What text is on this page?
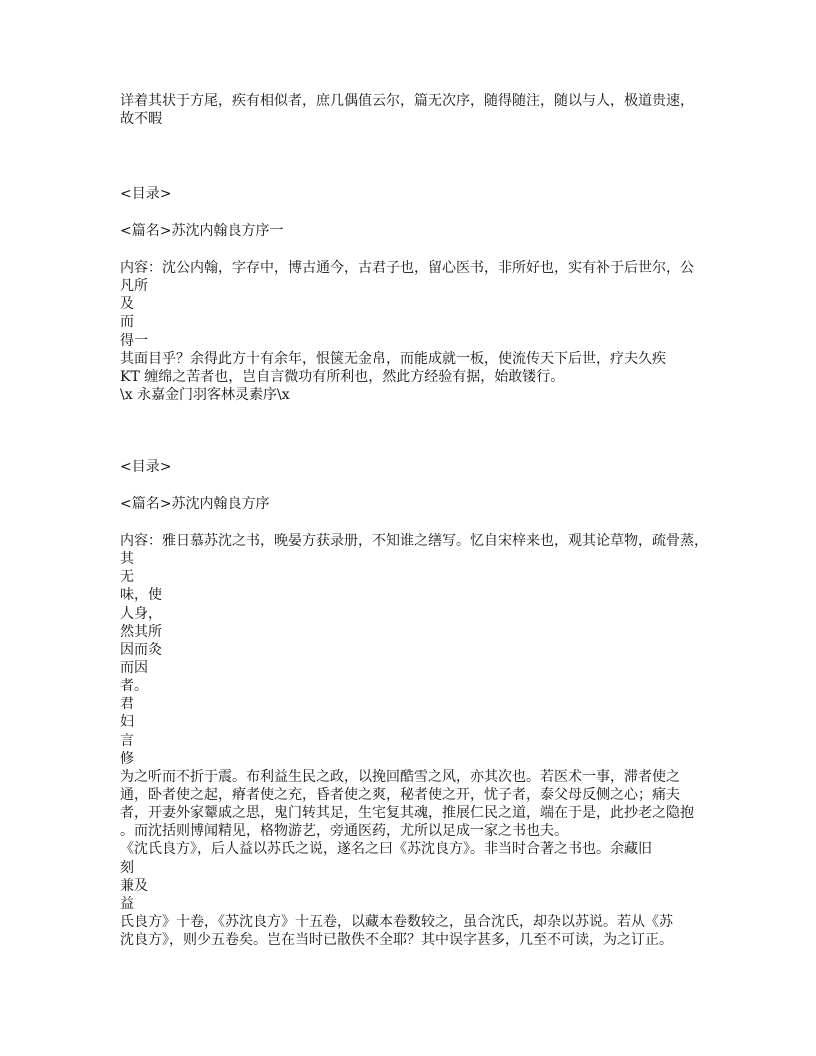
详着其状于方尾，疾有相似者，庶几偶值云尔，篇无次序，随得随注，随以与人，极道贵速，
故不暇
<目录>
<篇名>苏沈内翰良方序一
内容：沈公内翰，字存中，博古通今，古君子也，留心医书，非所好也，实有补于后世尔，公
凡所
及
而
得一
其面目乎？余得此方十有余年，恨箧无金帛，而能成就一板，使流传天下后世，疗夫久疾
KT 缠绵之苦者也，岂自言微功有所利也，然此方经验有据，始敢镂行。
\x 永嘉金门羽客林灵素序\x
<目录>
<篇名>苏沈内翰良方序
内容：雅日慕苏沈之书，晚晏方获录册，不知谁之缮写。忆自宋梓来也，观其论草物，疏骨蒸，
其
无
味，使
人身，
然其所
因而灸
而因
者。
君
妇
言
修
为之听而不折于震。布利益生民之政，以挽回酷雪之风，亦其次也。若医术一事，滞者使之
通，卧者使之起，瘠者使之充，昏者使之爽，秘者使之开，忧子者，泰父母反侧之心；痛夫
者，开妻外家颦戚之思，鬼门转其足，生宅复其魂，推展仁民之道，端在于是，此抄老之隐抱
。而沈括则博闻精见，格物游艺，旁通医药，尤所以足成一家之书也夫。
《沈氏良方》，后人益以苏氏之说，遂名之曰《苏沈良方》。非当时合著之书也。余藏旧
刻
兼及
益
氏良方》十卷，《苏沈良方》十五卷，以藏本卷数较之，虽合沈氏，却杂以苏说。若从《苏
沈良方》，则少五卷矣。岂在当时已散佚不全耶？其中误字甚多，几至不可读，为之订正。
